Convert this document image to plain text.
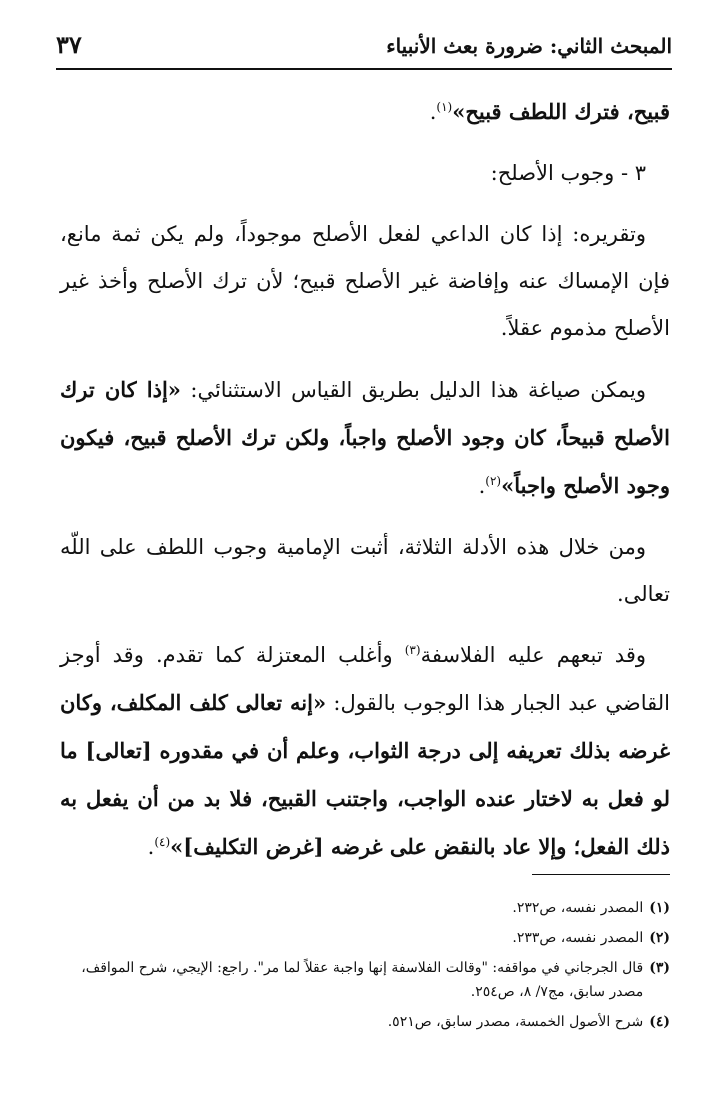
المبحث الثاني: ضرورة بعث الأنبياء
٣٧

قبيح، فترك اللطف قبيح»$^{(١)}$.

٣ - وجوب الأصلح:

وتقريره: إذا كان الداعي لفعل الأصلح موجوداً، ولم يكن ثمة مانع، فإن الإمساك عنه وإفاضة غير الأصلح قبيح؛ لأن ترك الأصلح وأخذ غير الأصلح مذموم عقلاً.

ويمكن صياغة هذا الدليل بطريق القياس الاستثنائي: «إذا كان ترك الأصلح قبيحاً، كان وجود الأصلح واجباً، ولكن ترك الأصلح قبيح، فيكون وجود الأصلح واجباً»$^{(٢)}$.

ومن خلال هذه الأدلة الثلاثة، أثبت الإمامية وجوب اللطف على اللّه تعالى.

وقد تبعهم عليه الفلاسفة$^{(٣)}$ وأغلب المعتزلة كما تقدم. وقد أوجز القاضي عبد الجبار هذا الوجوب بالقول: «إنه تعالى كلف المكلف، وكان غرضه بذلك تعريفه إلى درجة الثواب، وعلم أن في مقدوره [تعالى] ما لو فعل به لاختار عنده الواجب، واجتنب القبيح، فلا بد من أن يفعل به ذلك الفعل؛ وإلا عاد بالنقض على غرضه [غرض التكليف]»$^{(٤)}$.

(١)
المصدر نفسه، ص٢٣٢.
(٢)
المصدر نفسه، ص٢٣٣.
(٣)
قال الجرجاني في مواقفه: "وقالت الفلاسفة إنها واجبة عقلاً لما مر". راجع: الإيجي، شرح المواقف، مصدر سابق، مج٧/ ٨، ص٢٥٤.
(٤)
شرح الأصول الخمسة، مصدر سابق، ص٥٢١.
